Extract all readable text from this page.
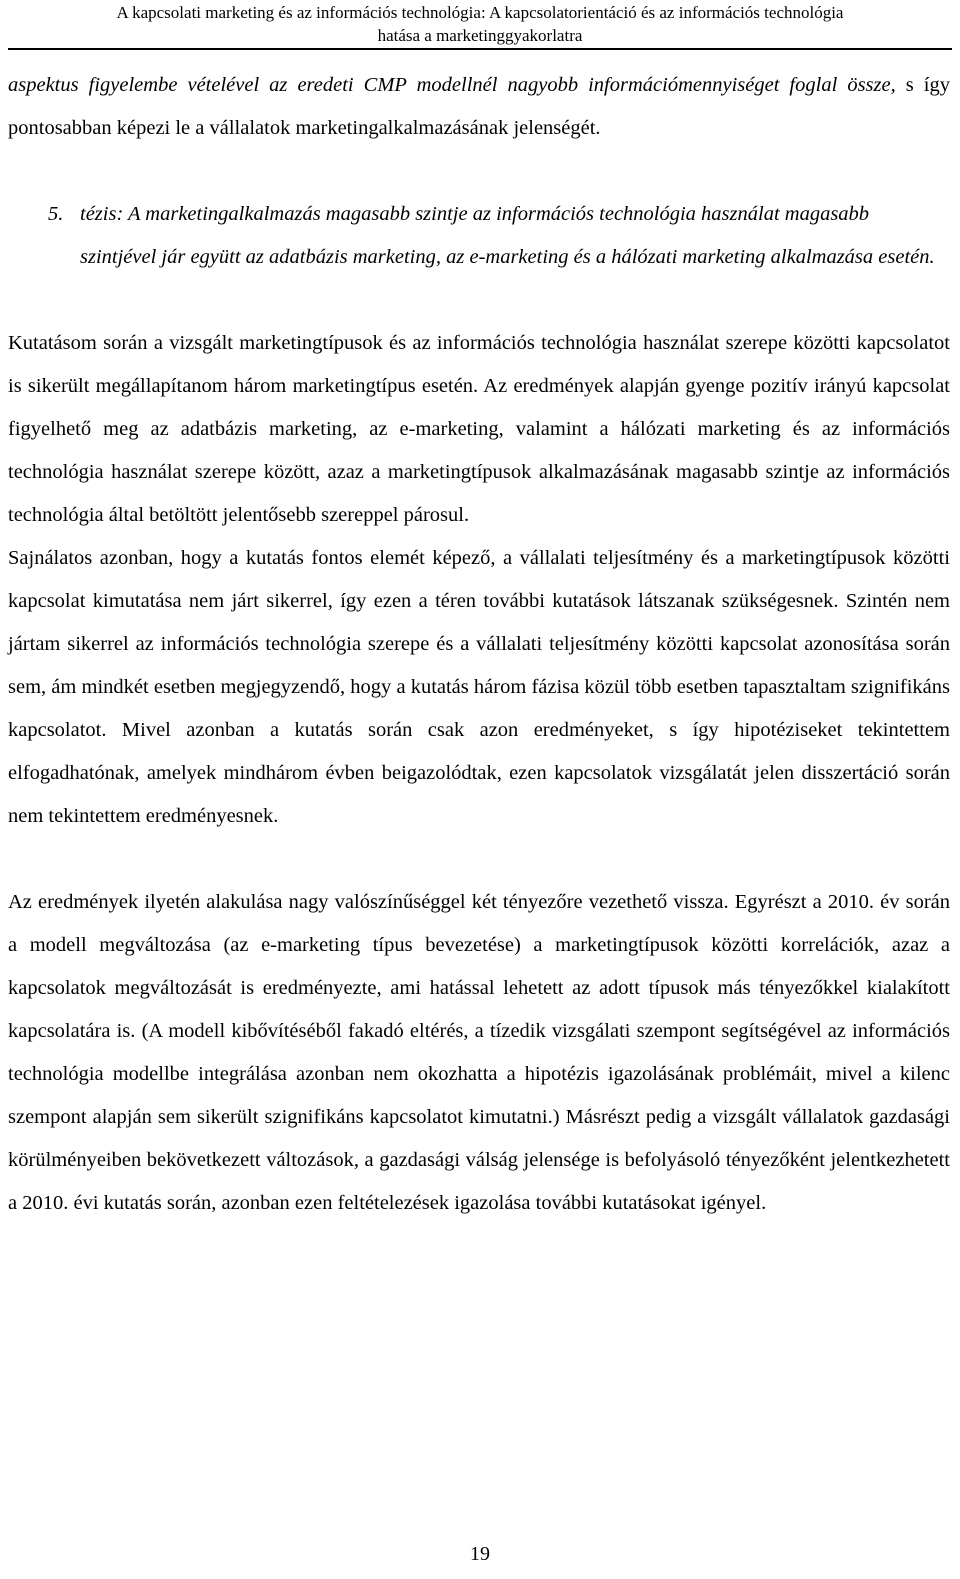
A kapcsolati marketing és az információs technológia: A kapcsolatorientáció és az információs technológia
hatása a marketinggyakorlatra

aspektus figyelembe vételével az eredeti CMP modellnél nagyobb információmennyiséget foglal össze, s így pontosabban képezi le a vállalatok marketingalkalmazásának jelenségét.

5. tézis: A marketingalkalmazás magasabb szintje az információs technológia használat magasabb szintjével jár együtt az adatbázis marketing, az e-marketing és a hálózati marketing alkalmazása esetén.

Kutatásom során a vizsgált marketingtípusok és az információs technológia használat szerepe közötti kapcsolatot is sikerült megállapítanom három marketingtípus esetén. Az eredmények alapján gyenge pozitív irányú kapcsolat figyelhető meg az adatbázis marketing, az e-marketing, valamint a hálózati marketing és az információs technológia használat szerepe között, azaz a marketingtípusok alkalmazásának magasabb szintje az információs technológia által betöltött jelentősebb szereppel párosul.

Sajnálatos azonban, hogy a kutatás fontos elemét képező, a vállalati teljesítmény és a marketingtípusok közötti kapcsolat kimutatása nem járt sikerrel, így ezen a téren további kutatások látszanak szükségesnek. Szintén nem jártam sikerrel az információs technológia szerepe és a vállalati teljesítmény közötti kapcsolat azonosítása során sem, ám mindkét esetben megjegyzendő, hogy a kutatás három fázisa közül több esetben tapasztaltam szignifikáns kapcsolatot. Mivel azonban a kutatás során csak azon eredményeket, s így hipotéziseket tekintettem elfogadhatónak, amelyek mindhárom évben beigazolódtak, ezen kapcsolatok vizsgálatát jelen disszertáció során nem tekintettem eredményesnek.

Az eredmények ilyetén alakulása nagy valószínűséggel két tényezőre vezethető vissza. Egyrészt a 2010. év során a modell megváltozása (az e-marketing típus bevezetése) a marketingtípusok közötti korrelációk, azaz a kapcsolatok megváltozását is eredményezte, ami hatással lehetett az adott típusok más tényezőkkel kialakított kapcsolatára is. (A modell kibővítéséből fakadó eltérés, a tízedik vizsgálati szempont segítségével az információs technológia modellbe integrálása azonban nem okozhatta a hipotézis igazolásának problémáit, mivel a kilenc szempont alapján sem sikerült szignifikáns kapcsolatot kimutatni.) Másrészt pedig a vizsgált vállalatok gazdasági körülményeiben bekövetkezett változások, a gazdasági válság jelensége is befolyásoló tényezőként jelentkezhetett a 2010. évi kutatás során, azonban ezen feltételezések igazolása további kutatásokat igényel.

19
